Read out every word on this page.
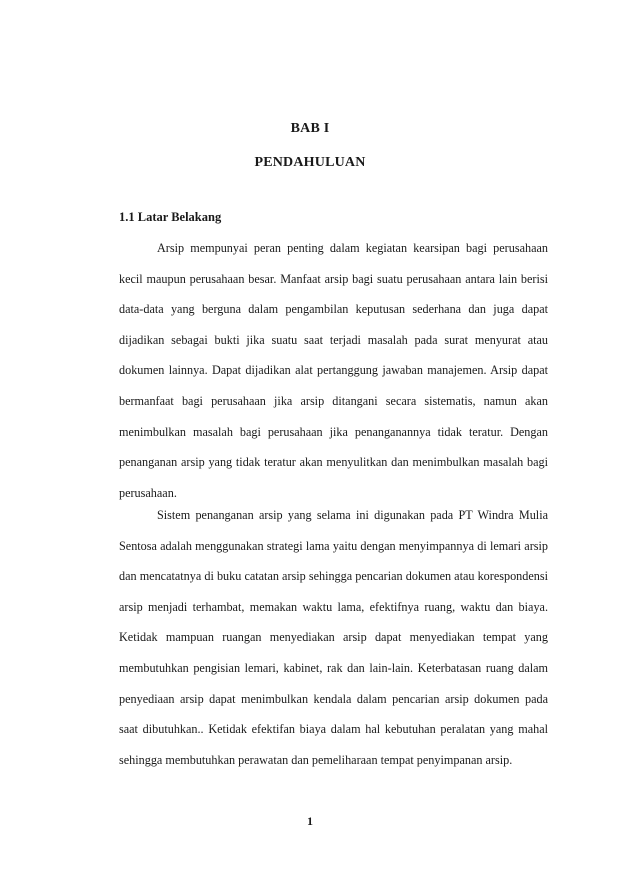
BAB I
PENDAHULUAN
1.1 Latar Belakang

Arsip mempunyai peran penting dalam kegiatan kearsipan bagi perusahaan kecil maupun perusahaan besar. Manfaat arsip bagi suatu perusahaan antara lain berisi data-data yang berguna dalam pengambilan keputusan sederhana dan juga dapat dijadikan sebagai bukti jika suatu saat terjadi masalah pada surat menyurat atau dokumen lainnya. Dapat dijadikan alat pertanggung jawaban manajemen. Arsip dapat bermanfaat bagi perusahaan jika arsip ditangani secara sistematis, namun akan menimbulkan masalah bagi perusahaan jika penanganannya tidak teratur. Dengan penanganan arsip yang tidak teratur akan menyulitkan dan menimbulkan masalah bagi perusahaan.

Sistem penanganan arsip yang selama ini digunakan pada PT Windra Mulia Sentosa adalah menggunakan strategi lama yaitu dengan menyimpannya di lemari arsip dan mencatatnya di buku catatan arsip sehingga pencarian dokumen atau korespondensi arsip menjadi terhambat, memakan waktu lama, efektifnya ruang, waktu dan biaya. Ketidak mampuan ruangan menyediakan arsip dapat menyediakan tempat yang membutuhkan pengisian lemari, kabinet, rak dan lain-lain. Keterbatasan ruang dalam penyediaan arsip dapat menimbulkan kendala dalam pencarian arsip dokumen pada saat dibutuhkan.. Ketidak efektifan biaya dalam hal kebutuhan peralatan yang mahal sehingga membutuhkan perawatan dan pemeliharaan tempat penyimpanan arsip.

1
